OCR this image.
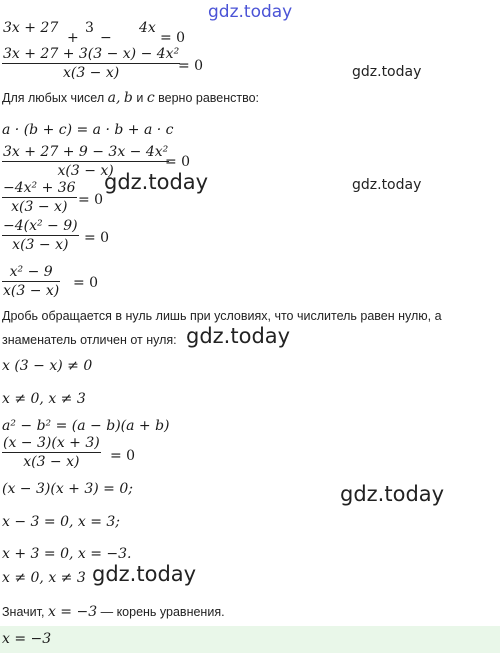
gdz.today
3x + 27
+
3
−
4x
= 0
$\frac{\text{3x + 27 + 3(3 − x) − 4x²}}{x(3 - x)}$
= 0	gdz.today
Для любых чисел a, b и c верно равенство:
a · (b + c) = a · b + a · c
$\frac{\text{3x + 27 + 9 − 3x − 4x²}}{x(3 - x)}$
= 0
gdz.today	gdz.today
$\frac{\text{−4x² + 36}}{x(3 - x)} = 0$
$\frac{\text{−4(x² − 9)}}{x(3 - x)} = 0$
$\frac{\text{x² − 9}}{x(3 - x)} = 0$
Дробь обращается в нуль лишь при условиях, что числитель равен нулю, а
знаменатель отличен от нуля: gdz.today
x (3 − x) ≠ 0
x ≠ 0, x ≠ 3
a² − b² = (a − b)(a + b)
$\frac{(x - 3)(x + 3)}{x(3 - x)} = 0$
(x − 3)(x + 3) = 0;	gdz.today
x − 3 = 0, x = 3;
x + 3 = 0, x = −3.
x ≠ 0, x ≠ 3 gdz.today
Значит, x = −3 — корень уравнения.
x = −3
